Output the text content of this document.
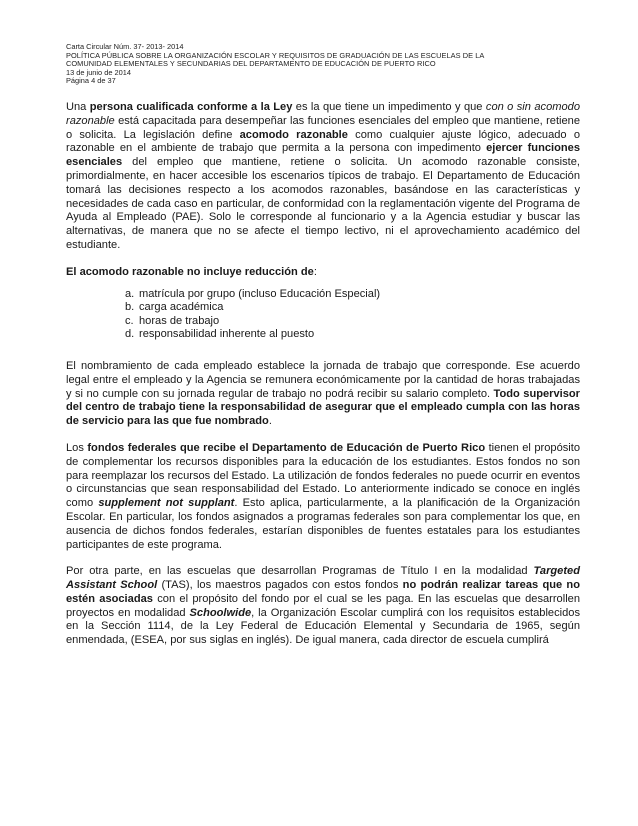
Carta Circular Núm. 37- 2013- 2014
POLÍTICA PÚBLICA SOBRE LA ORGANIZACIÓN ESCOLAR Y REQUISITOS DE GRADUACIÓN DE LAS ESCUELAS DE LA
COMUNIDAD ELEMENTALES Y SECUNDARIAS DEL DEPARTAMENTO DE EDUCACIÓN DE PUERTO RICO
13 de junio de 2014
Página 4 de 37

Una persona cualificada conforme a la Ley es la que tiene un impedimento y que con o sin acomodo razonable está capacitada para desempeñar las funciones esenciales del empleo que mantiene, retiene o solicita. La legislación define acomodo razonable como cualquier ajuste lógico, adecuado o razonable en el ambiente de trabajo que permita a la persona con impedimento ejercer funciones esenciales del empleo que mantiene, retiene o solicita. Un acomodo razonable consiste, primordialmente, en hacer accesible los escenarios típicos de trabajo. El Departamento de Educación tomará las decisiones respecto a los acomodos razonables, basándose en las características y necesidades de cada caso en particular, de conformidad con la reglamentación vigente del Programa de Ayuda al Empleado (PAE). Solo le corresponde al funcionario y a la Agencia estudiar y buscar las alternativas, de manera que no se afecte el tiempo lectivo, ni el aprovechamiento académico del estudiante.

El acomodo razonable no incluye reducción de:

a. matrícula por grupo (incluso Educación Especial)
b. carga académica
c. horas de trabajo
d. responsabilidad inherente al puesto

El nombramiento de cada empleado establece la jornada de trabajo que corresponde. Ese acuerdo legal entre el empleado y la Agencia se remunera económicamente por la cantidad de horas trabajadas y si no cumple con su jornada regular de trabajo no podrá recibir su salario completo. Todo supervisor del centro de trabajo tiene la responsabilidad de asegurar que el empleado cumpla con las horas de servicio para las que fue nombrado.

Los fondos federales que recibe el Departamento de Educación de Puerto Rico tienen el propósito de complementar los recursos disponibles para la educación de los estudiantes. Estos fondos no son para reemplazar los recursos del Estado. La utilización de fondos federales no puede ocurrir en eventos o circunstancias que sean responsabilidad del Estado. Lo anteriormente indicado se conoce en inglés como supplement not supplant. Esto aplica, particularmente, a la planificación de la Organización Escolar. En particular, los fondos asignados a programas federales son para complementar los que, en ausencia de dichos fondos federales, estarían disponibles de fuentes estatales para los estudiantes participantes de este programa.

Por otra parte, en las escuelas que desarrollan Programas de Título I en la modalidad Targeted Assistant School (TAS), los maestros pagados con estos fondos no podrán realizar tareas que no estén asociadas con el propósito del fondo por el cual se les paga. En las escuelas que desarrollen proyectos en modalidad Schoolwide, la Organización Escolar cumplirá con los requisitos establecidos en la Sección 1114, de la Ley Federal de Educación Elemental y Secundaria de 1965, según enmendada, (ESEA, por sus siglas en inglés). De igual manera, cada director de escuela cumplirá
